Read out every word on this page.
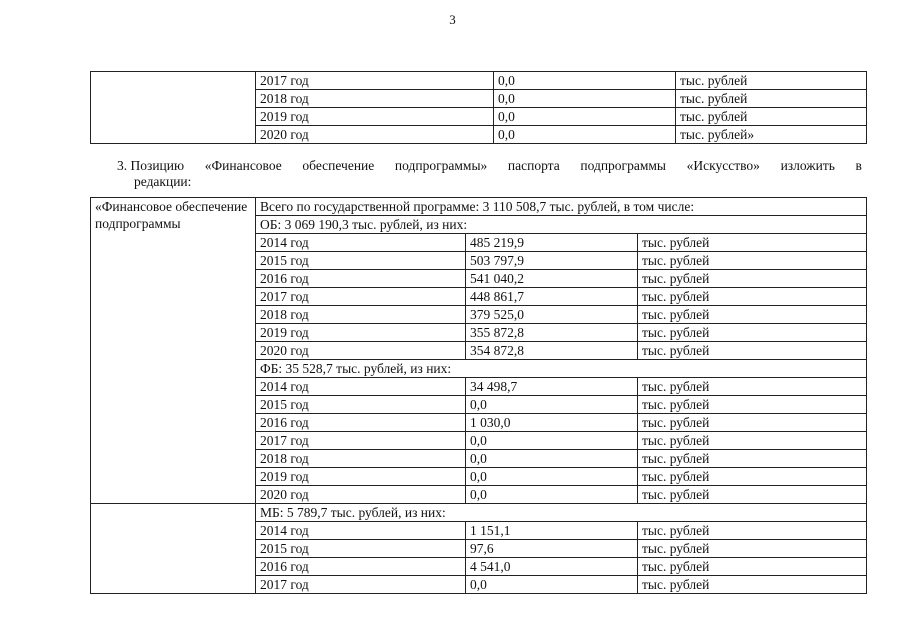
3
	2017 год	0,0	тыс. рублей
	2018 год	0,0	тыс. рублей
	2019 год	0,0	тыс. рублей
	2020 год	0,0	тыс. рублей»
3. Позицию «Финансовое обеспечение подпрограммы» паспорта подпрограммы «Искусство» изложить в
редакции:
«Финансовое обеспечение подпрограммы	Всего по государственной программе: 3 110 508,7 тыс. рублей, в том числе:		
	ОБ: 3 069 190,3 тыс. рублей, из них:		
	2014 год	485 219,9	тыс. рублей
	2015 год	503 797,9	тыс. рублей
	2016 год	541 040,2	тыс. рублей
	2017 год	448 861,7	тыс. рублей
	2018 год	379 525,0	тыс. рублей
	2019 год	355 872,8	тыс. рублей
	2020 год	354 872,8	тыс. рублей
	ФБ: 35 528,7 тыс. рублей, из них:		
	2014 год	34 498,7	тыс. рублей
	2015 год	0,0	тыс. рублей
	2016 год	1 030,0	тыс. рублей
	2017 год	0,0	тыс. рублей
	2018 год	0,0	тыс. рублей
	2019 год	0,0	тыс. рублей
	2020 год	0,0	тыс. рублей
	МБ: 5 789,7 тыс. рублей, из них:		
	2014 год	1 151,1	тыс. рублей
	2015 год	97,6	тыс. рублей
	2016 год	4 541,0	тыс. рублей
	2017 год	0,0	тыс. рублей
